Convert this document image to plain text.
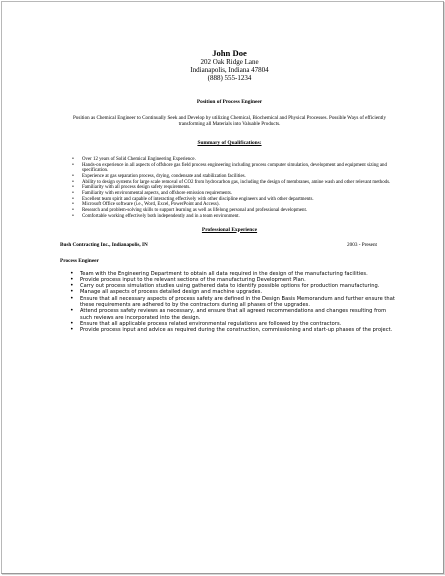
John Doe
202 Oak Ridge Lane
Indianapolis, Indiana 47804
(888) 555-1234
Position of Process Engineer
Position as Chemical Engineer to Continually Seek and Develop by utilizing Chemical, Biochemical and Physical Processes. Possible Ways of efficiently transforming all Materials into Valuable Products.
Summary of Qualifications:
• Over 12 years of Solid Chemical Engineering Experience.
• Hands-on experience in all aspects of offshore gas field process engineering including process computer simulation, development and equipment sizing and specification.
• Experience at gas separation process, drying, condensate and stabilization facilities.
• Ability to design systems for large scale removal of CO2 from hydrocarbon gas, including the design of membranes, amine wash and other relevant methods.
• Familiarity with all process design safety requirements.
• Familiarity with environmental aspects, and offshore emission requirements.
• Excellent team spirit and capable of interacting effectively with other discipline engineers and with other departments.
• Microsoft Office software (i.e., Word, Excel, PowerPoint and Access).
• Research and problem-solving skills to support learning as well as lifelong personal and professional development.
• Comfortable working effectively both independently and in a team environment.
Professional Experience
Bush Contracting Inc., Indianapolis, IN	2003 - Present
Process Engineer
• Team with the Engineering Department to obtain all data required in the design of the manufacturing facilities.
• Provide process input to the relevant sections of the manufacturing Development Plan.
• Carry out process simulation studies using gathered data to identify possible options for production manufacturing.
• Manage all aspects of process detailed design and machine upgrades.
• Ensure that all necessary aspects of process safety are defined in the Design Basis Memorandum and further ensure that these requirements are adhered to by the contractors during all phases of the upgrades.
• Attend process safety reviews as necessary, and ensure that all agreed recommendations and changes resulting from such reviews are incorporated into the design.
• Ensure that all applicable process related environmental regulations are followed by the contractors.
• Provide process input and advice as required during the construction, commissioning and start-up phases of the project.
